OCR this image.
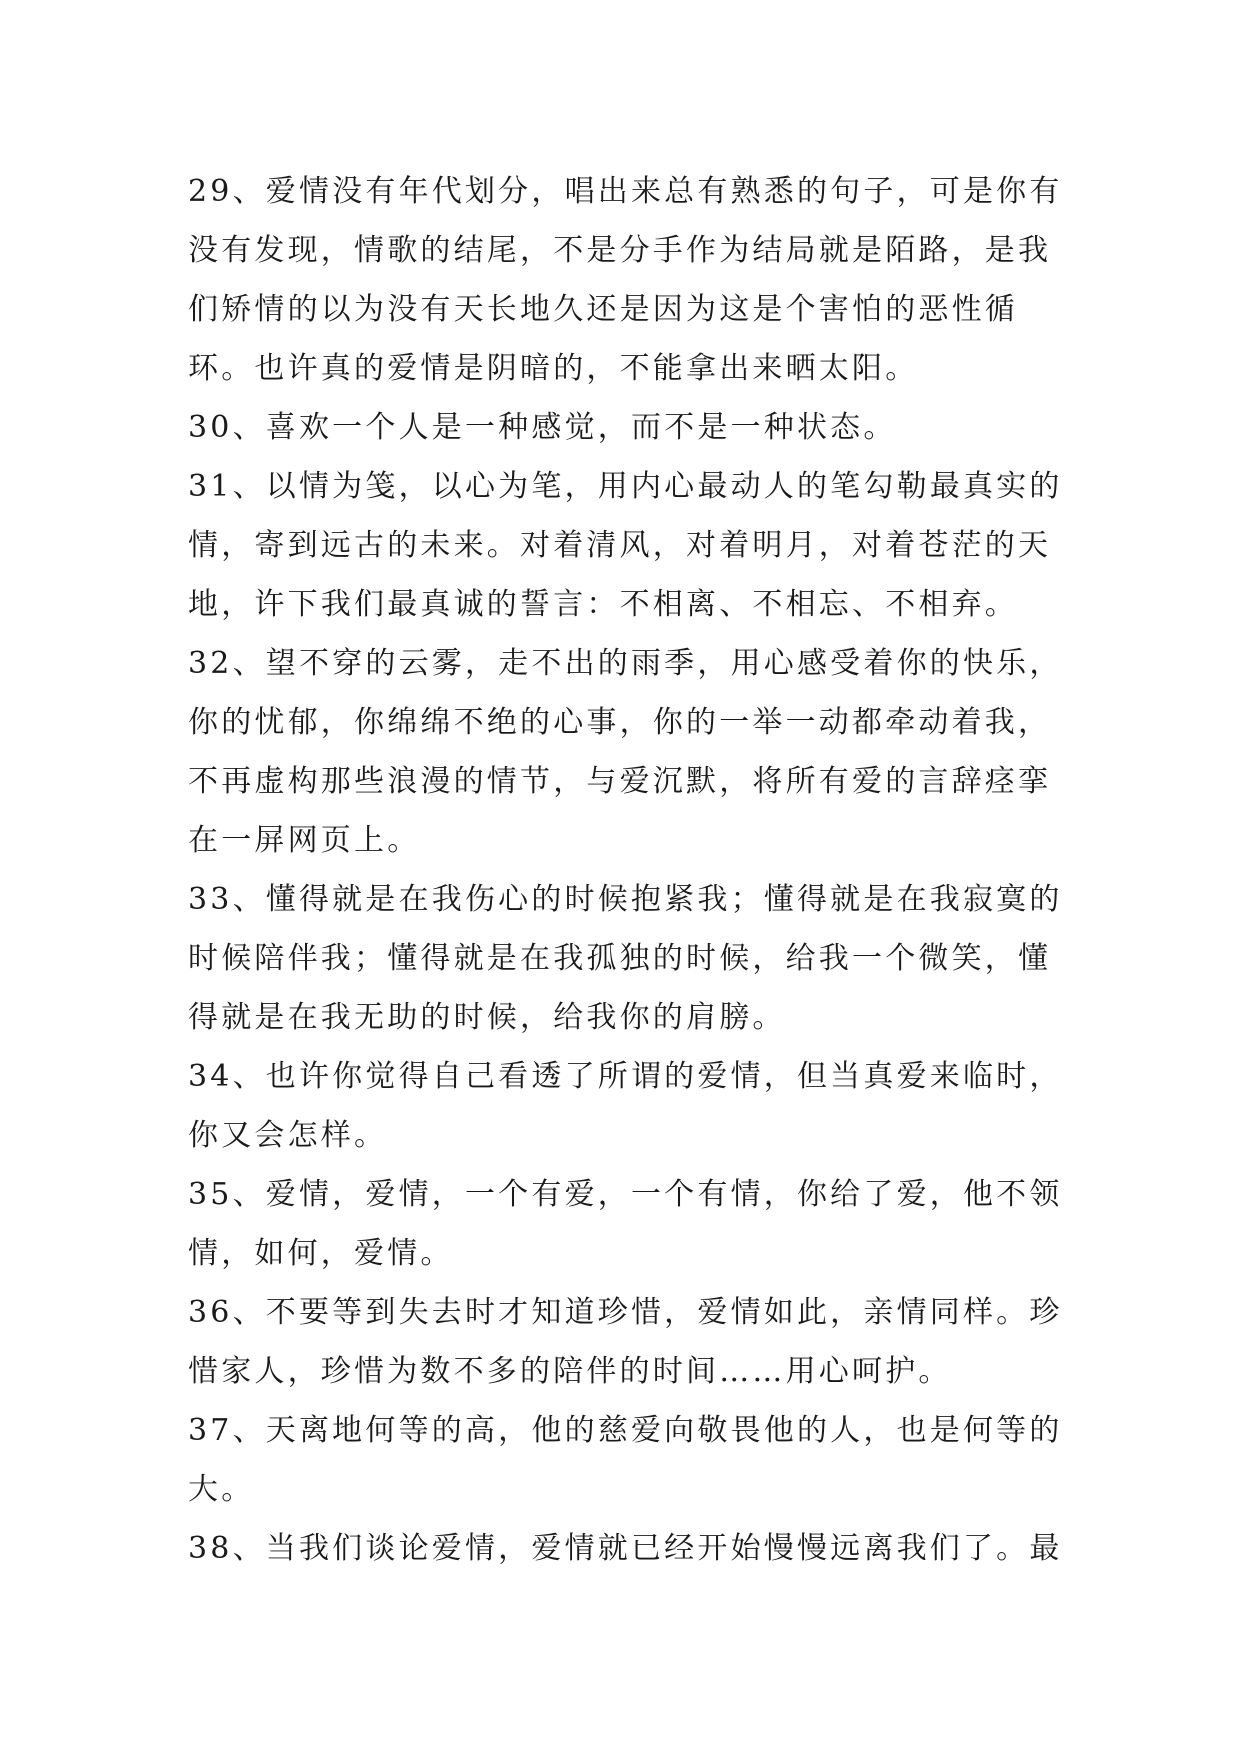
29、爱情没有年代划分，唱出来总有熟悉的句子，可是你有
没有发现，情歌的结尾，不是分手作为结局就是陌路，是我
们矫情的以为没有天长地久还是因为这是个害怕的恶性循
环。也许真的爱情是阴暗的，不能拿出来晒太阳。
30、喜欢一个人是一种感觉，而不是一种状态。
31、以情为笺，以心为笔，用内心最动人的笔勾勒最真实的
情，寄到远古的未来。对着清风，对着明月，对着苍茫的天
地，许下我们最真诚的誓言：不相离、不相忘、不相弃。
32、望不穿的云雾，走不出的雨季，用心感受着你的快乐，
你的忧郁，你绵绵不绝的心事，你的一举一动都牵动着我，
不再虚构那些浪漫的情节，与爱沉默，将所有爱的言辞痉挛
在一屏网页上。
33、懂得就是在我伤心的时候抱紧我；懂得就是在我寂寞的
时候陪伴我；懂得就是在我孤独的时候，给我一个微笑，懂
得就是在我无助的时候，给我你的肩膀。
34、也许你觉得自己看透了所谓的爱情，但当真爱来临时，
你又会怎样。
35、爱情，爱情，一个有爱，一个有情，你给了爱，他不领
情，如何，爱情。
36、不要等到失去时才知道珍惜，爱情如此，亲情同样。珍
惜家人，珍惜为数不多的陪伴的时间……用心呵护。
37、天离地何等的高，他的慈爱向敬畏他的人，也是何等的
大。
38、当我们谈论爱情，爱情就已经开始慢慢远离我们了。最
